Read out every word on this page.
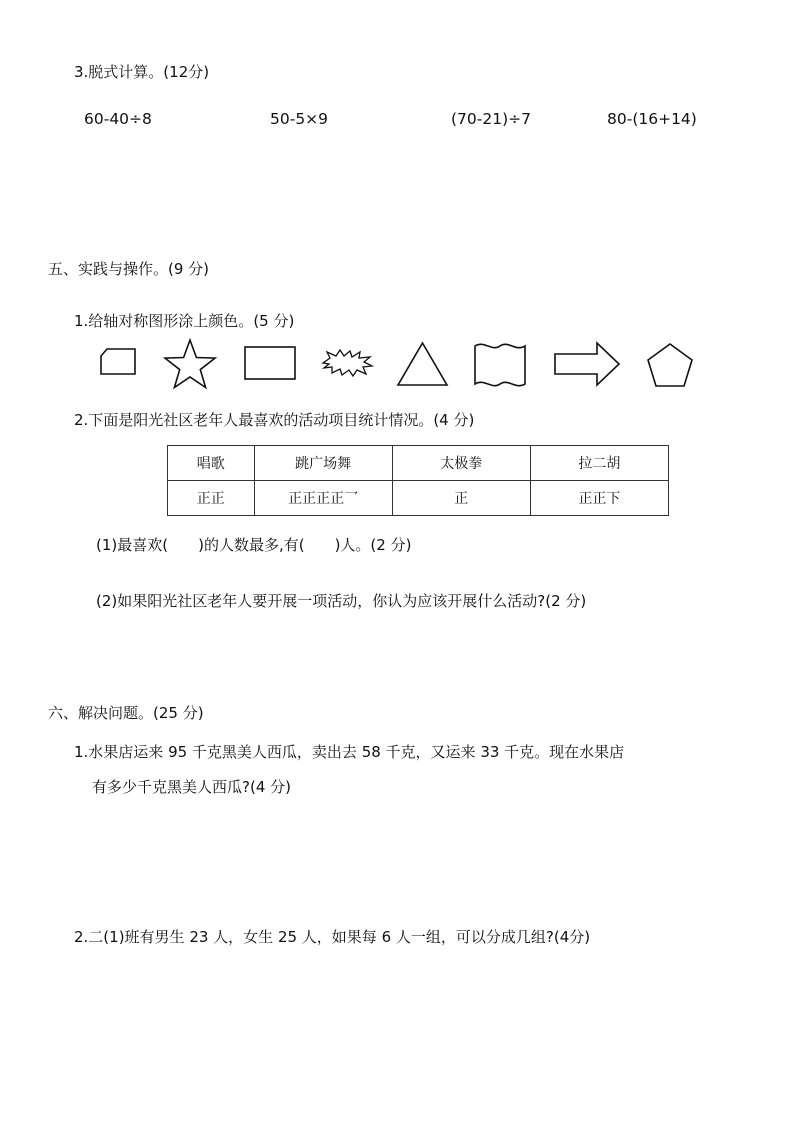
3.脱式计算。(12分)
60-40÷8	50-5×9	(70-21)÷7	80-(16+14)
五、实践与操作。(9 分)
1.给轴对称图形涂上颜色。(5 分)
2.下面是阳光社区老年人最喜欢的活动项目统计情况。(4 分)
唱歌	跳广场舞	太极拳	拉二胡
正正	正正正正乛	正	正正下
(1)最喜欢(　　)的人数最多,有(　　)人。(2 分)
(2)如果阳光社区老年人要开展一项活动，你认为应该开展什么活动?(2 分)
六、解决问题。(25 分)
1.水果店运来 95 千克黑美人西瓜，卖出去 58 千克，又运来 33 千克。现在水果店
有多少千克黑美人西瓜?(4 分)
2.二(1)班有男生 23 人，女生 25 人，如果每 6 人一组，可以分成几组?(4分)
